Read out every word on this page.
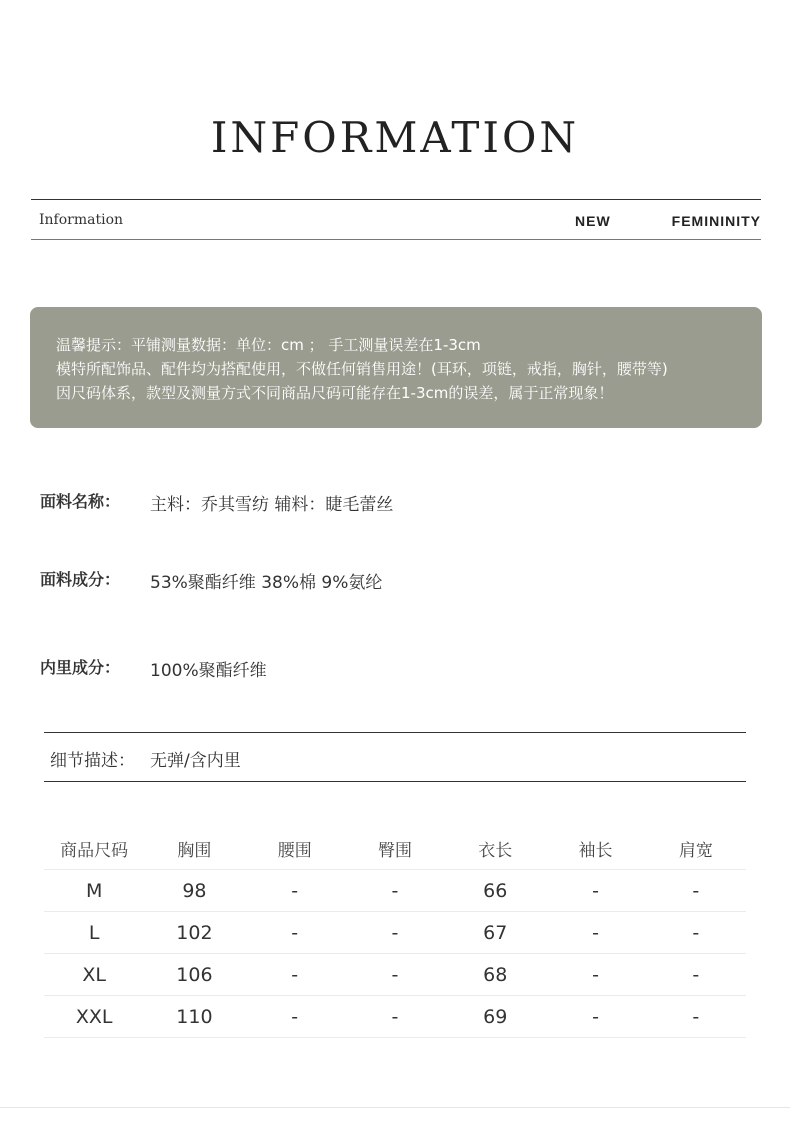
INFORMATION
Information	NEW	FEMININITY
温馨提示：平铺测量数据：单位：cm ； 手工测量误差在1-3cm
模特所配饰品、配件均为搭配使用，不做任何销售用途！(耳环，项链，戒指，胸针，腰带等)
因尺码体系，款型及测量方式不同商品尺码可能存在1-3cm的误差，属于正常现象！
面料名称： 主料：乔其雪纺 辅料：睫毛蕾丝
面料成分： 53%聚酯纤维 38%棉 9%氨纶
内里成分： 100%聚酯纤维
细节描述： 无弹/含内里
商品尺码	胸围	腰围	臀围	衣长	袖长	肩宽
M	98	-	-	66	-	-
L	102	-	-	67	-	-
XL	106	-	-	68	-	-
XXL	110	-	-	69	-	-
